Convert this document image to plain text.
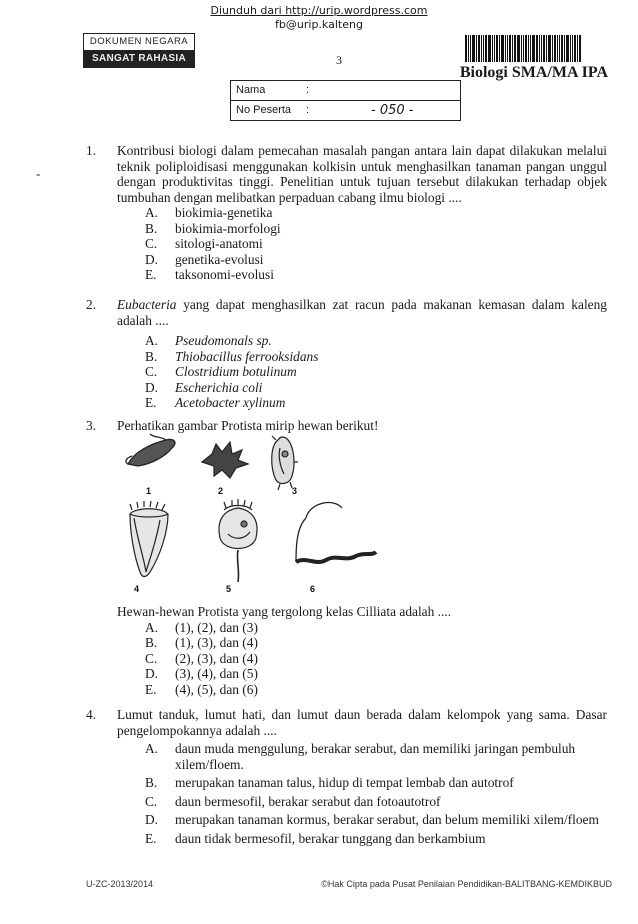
Diunduh dari http://urip.wordpress.com
fb@urip.kalteng
DOKUMEN NEGARA
SANGAT RAHASIA	3
Biologi SMA/MA IPA
Nama	:
No Peserta :	- 050 -
-
1. Kontribusi biologi dalam pemecahan masalah pangan antara lain dapat dilakukan melalui teknik poliploidisasi menggunakan kolkisin untuk menghasilkan tanaman pangan unggul dengan produktivitas tinggi. Penelitian untuk tujuan tersebut dilakukan terhadap objek tumbuhan dengan melibatkan perpaduan cabang ilmu biologi ....
A.	biokimia-genetika
B.	biokimia-morfologi
C.	sitologi-anatomi
D.	genetika-evolusi
E.	taksonomi-evolusi
2. Eubacteria yang dapat menghasilkan zat racun pada makanan kemasan dalam kaleng adalah ....
A.	Pseudomonals sp.
B.	Thiobacillus ferrooksidans
C.	Clostridium botulinum
D.	Escherichia coli
E.	Acetobacter xylinum
3. Perhatikan gambar Protista mirip hewan berikut!
1	2	3
4	5	6
Hewan-hewan Protista yang tergolong kelas Cilliata adalah ....
A.	(1), (2), dan (3)
B.	(1), (3), dan (4)
C.	(2), (3), dan (4)
D.	(3), (4), dan (5)
E.	(4), (5), dan (6)
4. Lumut tanduk, lumut hati, dan lumut daun berada dalam kelompok yang sama. Dasar pengelompokannya adalah ....
A.	daun muda menggulung, berakar serabut, dan memiliki jaringan pembuluh xilem/floem.
B.	merupakan tanaman talus, hidup di tempat lembab dan autotrof
C.	daun bermesofil, berakar serabut dan fotoautotrof
D.	merupakan tanaman kormus, berakar serabut, dan belum memiliki xilem/floem
E.	daun tidak bermesofil, berakar tunggang dan berkambium
U-ZC-2013/2014	©Hak Cipta pada Pusat Penilaian Pendidikan-BALITBANG-KEMDIKBUD
